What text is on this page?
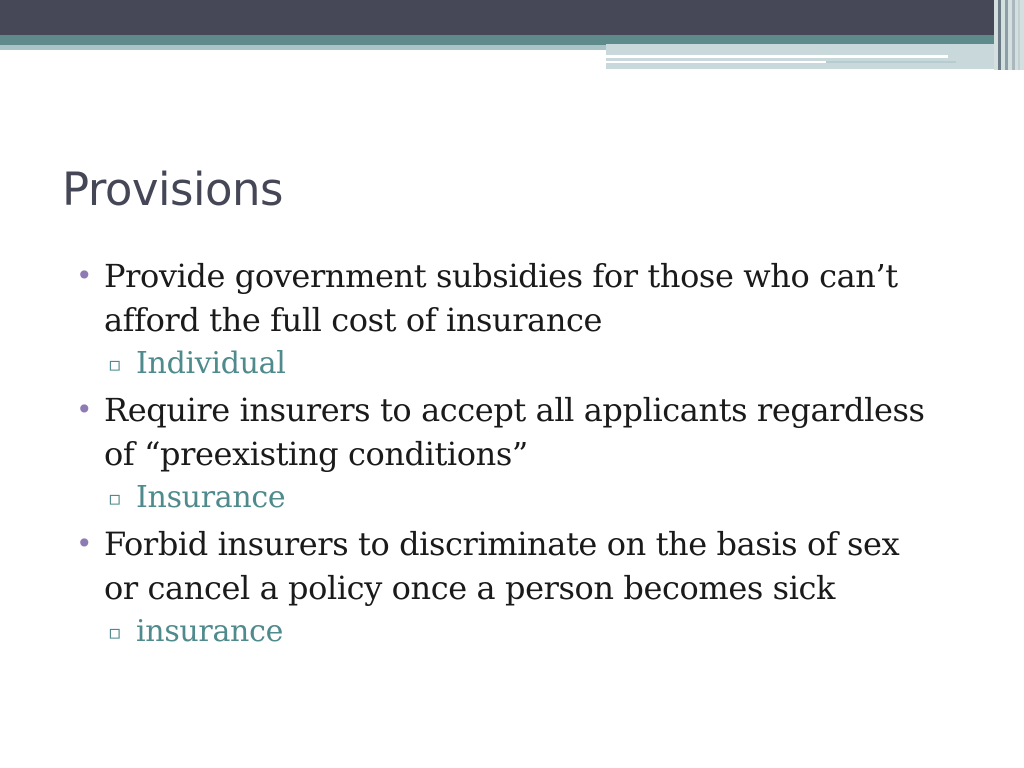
Provisions
• Provide government subsidies for those who can’t afford the full cost of insurance
▫ Individual
• Require insurers to accept all applicants regardless of “preexisting conditions”
▫ Insurance
• Forbid insurers to discriminate on the basis of sex or cancel a policy once a person becomes sick
▫ insurance
